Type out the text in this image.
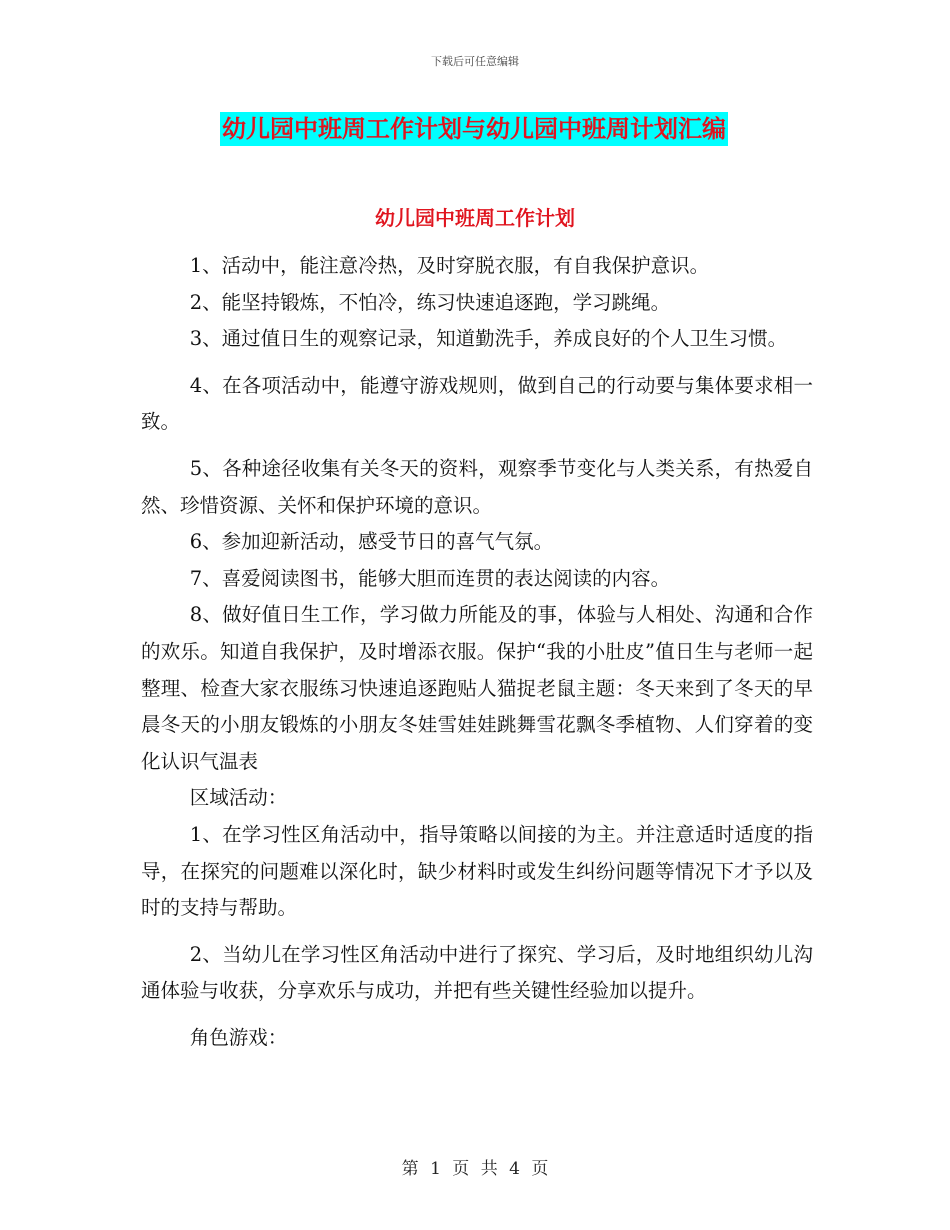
下载后可任意编辑
幼儿园中班周工作计划与幼儿园中班周计划汇编
幼儿园中班周工作计划

1、活动中，能注意冷热，及时穿脱衣服，有自我保护意识。

2、能坚持锻炼，不怕冷，练习快速追逐跑，学习跳绳。

3、通过值日生的观察记录，知道勤洗手，养成良好的个人卫生习惯。

4、在各项活动中，能遵守游戏规则，做到自己的行动要与集体要求相一致。

5、各种途径收集有关冬天的资料，观察季节变化与人类关系，有热爱自然、珍惜资源、关怀和保护环境的意识。

6、参加迎新活动，感受节日的喜气气氛。

7、喜爱阅读图书，能够大胆而连贯的表达阅读的内容。

8、做好值日生工作，学习做力所能及的事，体验与人相处、沟通和合作的欢乐。知道自我保护，及时增添衣服。保护“我的小肚皮”值日生与老师一起整理、检查大家衣服练习快速追逐跑贴人猫捉老鼠主题：冬天来到了冬天的早晨冬天的小朋友锻炼的小朋友冬娃雪娃娃跳舞雪花飘冬季植物、人们穿着的变化认识气温表

区域活动：

1、在学习性区角活动中，指导策略以间接的为主。并注意适时适度的指导，在探究的问题难以深化时，缺少材料时或发生纠纷问题等情况下才予以及时的支持与帮助。

2、当幼儿在学习性区角活动中进行了探究、学习后，及时地组织幼儿沟通体验与收获，分享欢乐与成功，并把有些关键性经验加以提升。

角色游戏：

第 1 页 共 4 页
